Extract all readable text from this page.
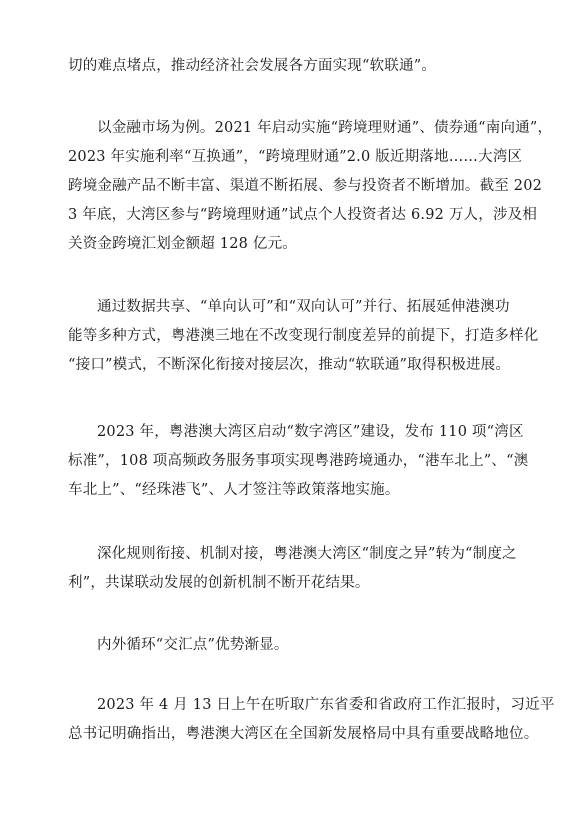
切的难点堵点，推动经济社会发展各方面实现“软联通”。
以金融市场为例。2021 年启动实施“跨境理财通”、债券通“南向通”，
2023 年实施利率“互换通”，“跨境理财通”2.0 版近期落地……大湾区
跨境金融产品不断丰富、渠道不断拓展、参与投资者不断增加。截至 202
3 年底，大湾区参与“跨境理财通”试点个人投资者达 6.92 万人，涉及相
关资金跨境汇划金额超 128 亿元。
通过数据共享、“单向认可”和“双向认可”并行、拓展延伸港澳功
能等多种方式，粤港澳三地在不改变现行制度差异的前提下，打造多样化
“接口”模式，不断深化衔接对接层次，推动“软联通”取得积极进展。
2023 年，粤港澳大湾区启动“数字湾区”建设，发布 110 项“湾区
标准”，108 项高频政务服务事项实现粤港跨境通办，“港车北上”、“澳
车北上”、“经珠港飞”、人才签注等政策落地实施。
深化规则衔接、机制对接，粤港澳大湾区“制度之异”转为“制度之
利”，共谋联动发展的创新机制不断开花结果。
内外循环“交汇点”优势渐显。
2023 年 4 月 13 日上午在听取广东省委和省政府工作汇报时，习近平
总书记明确指出，粤港澳大湾区在全国新发展格局中具有重要战略地位。
